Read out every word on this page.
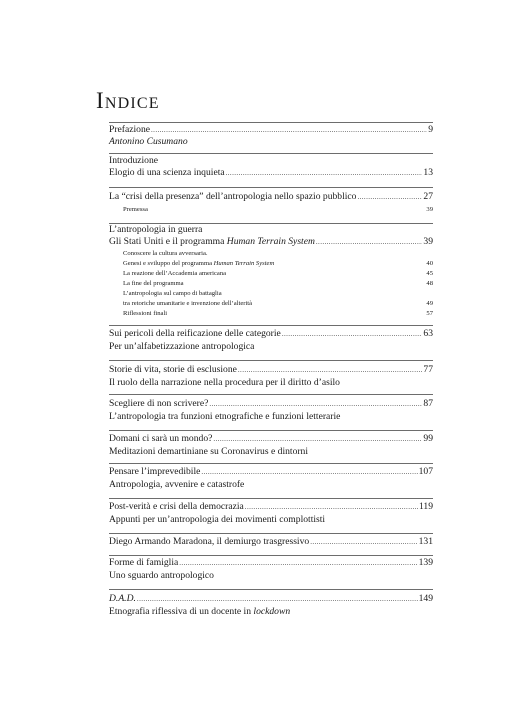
Indice
Prefazione .....	9
Antonino Cusumano
Introduzione
Elogio di una scienza inquieta .....	13
La “crisi della presenza” dell’antropologia nello spazio pubblico .....	27
Premessa	39
L’antropologia in guerra
Gli Stati Uniti e il programma Human Terrain System .....	39
Conoscere la cultura avversaria.
Genesi e sviluppo del programma Human Terrain System	40
La reazione dell’Accademia americana	45
La fine del programma	48
L’antropologia sul campo di battaglia
tra retoriche umanitarie e invenzione dell’alterità	49
Riflessioni finali	57
Sui pericoli della reificazione delle categorie .....	63
Per un’alfabetizzazione antropologica
Storie di vita, storie di esclusione .....	77
Il ruolo della narrazione nella procedura per il diritto d’asilo
Scegliere di non scrivere? .....	87
L’antropologia tra funzioni etnografiche e funzioni letterarie
Domani ci sarà un mondo? .....	99
Meditazioni demartiniane su Coronavirus e dintorni
Pensare l’imprevedibile .....	107
Antropologia, avvenire e catastrofe
Post-verità e crisi della democrazia .....	119
Appunti per un’antropologia dei movimenti complottisti
Diego Armando Maradona, il demiurgo trasgressivo .....	131
Forme di famiglia .....	139
Uno sguardo antropologico
D.A.D. .....	149
Etnografia riflessiva di un docente in lockdown
